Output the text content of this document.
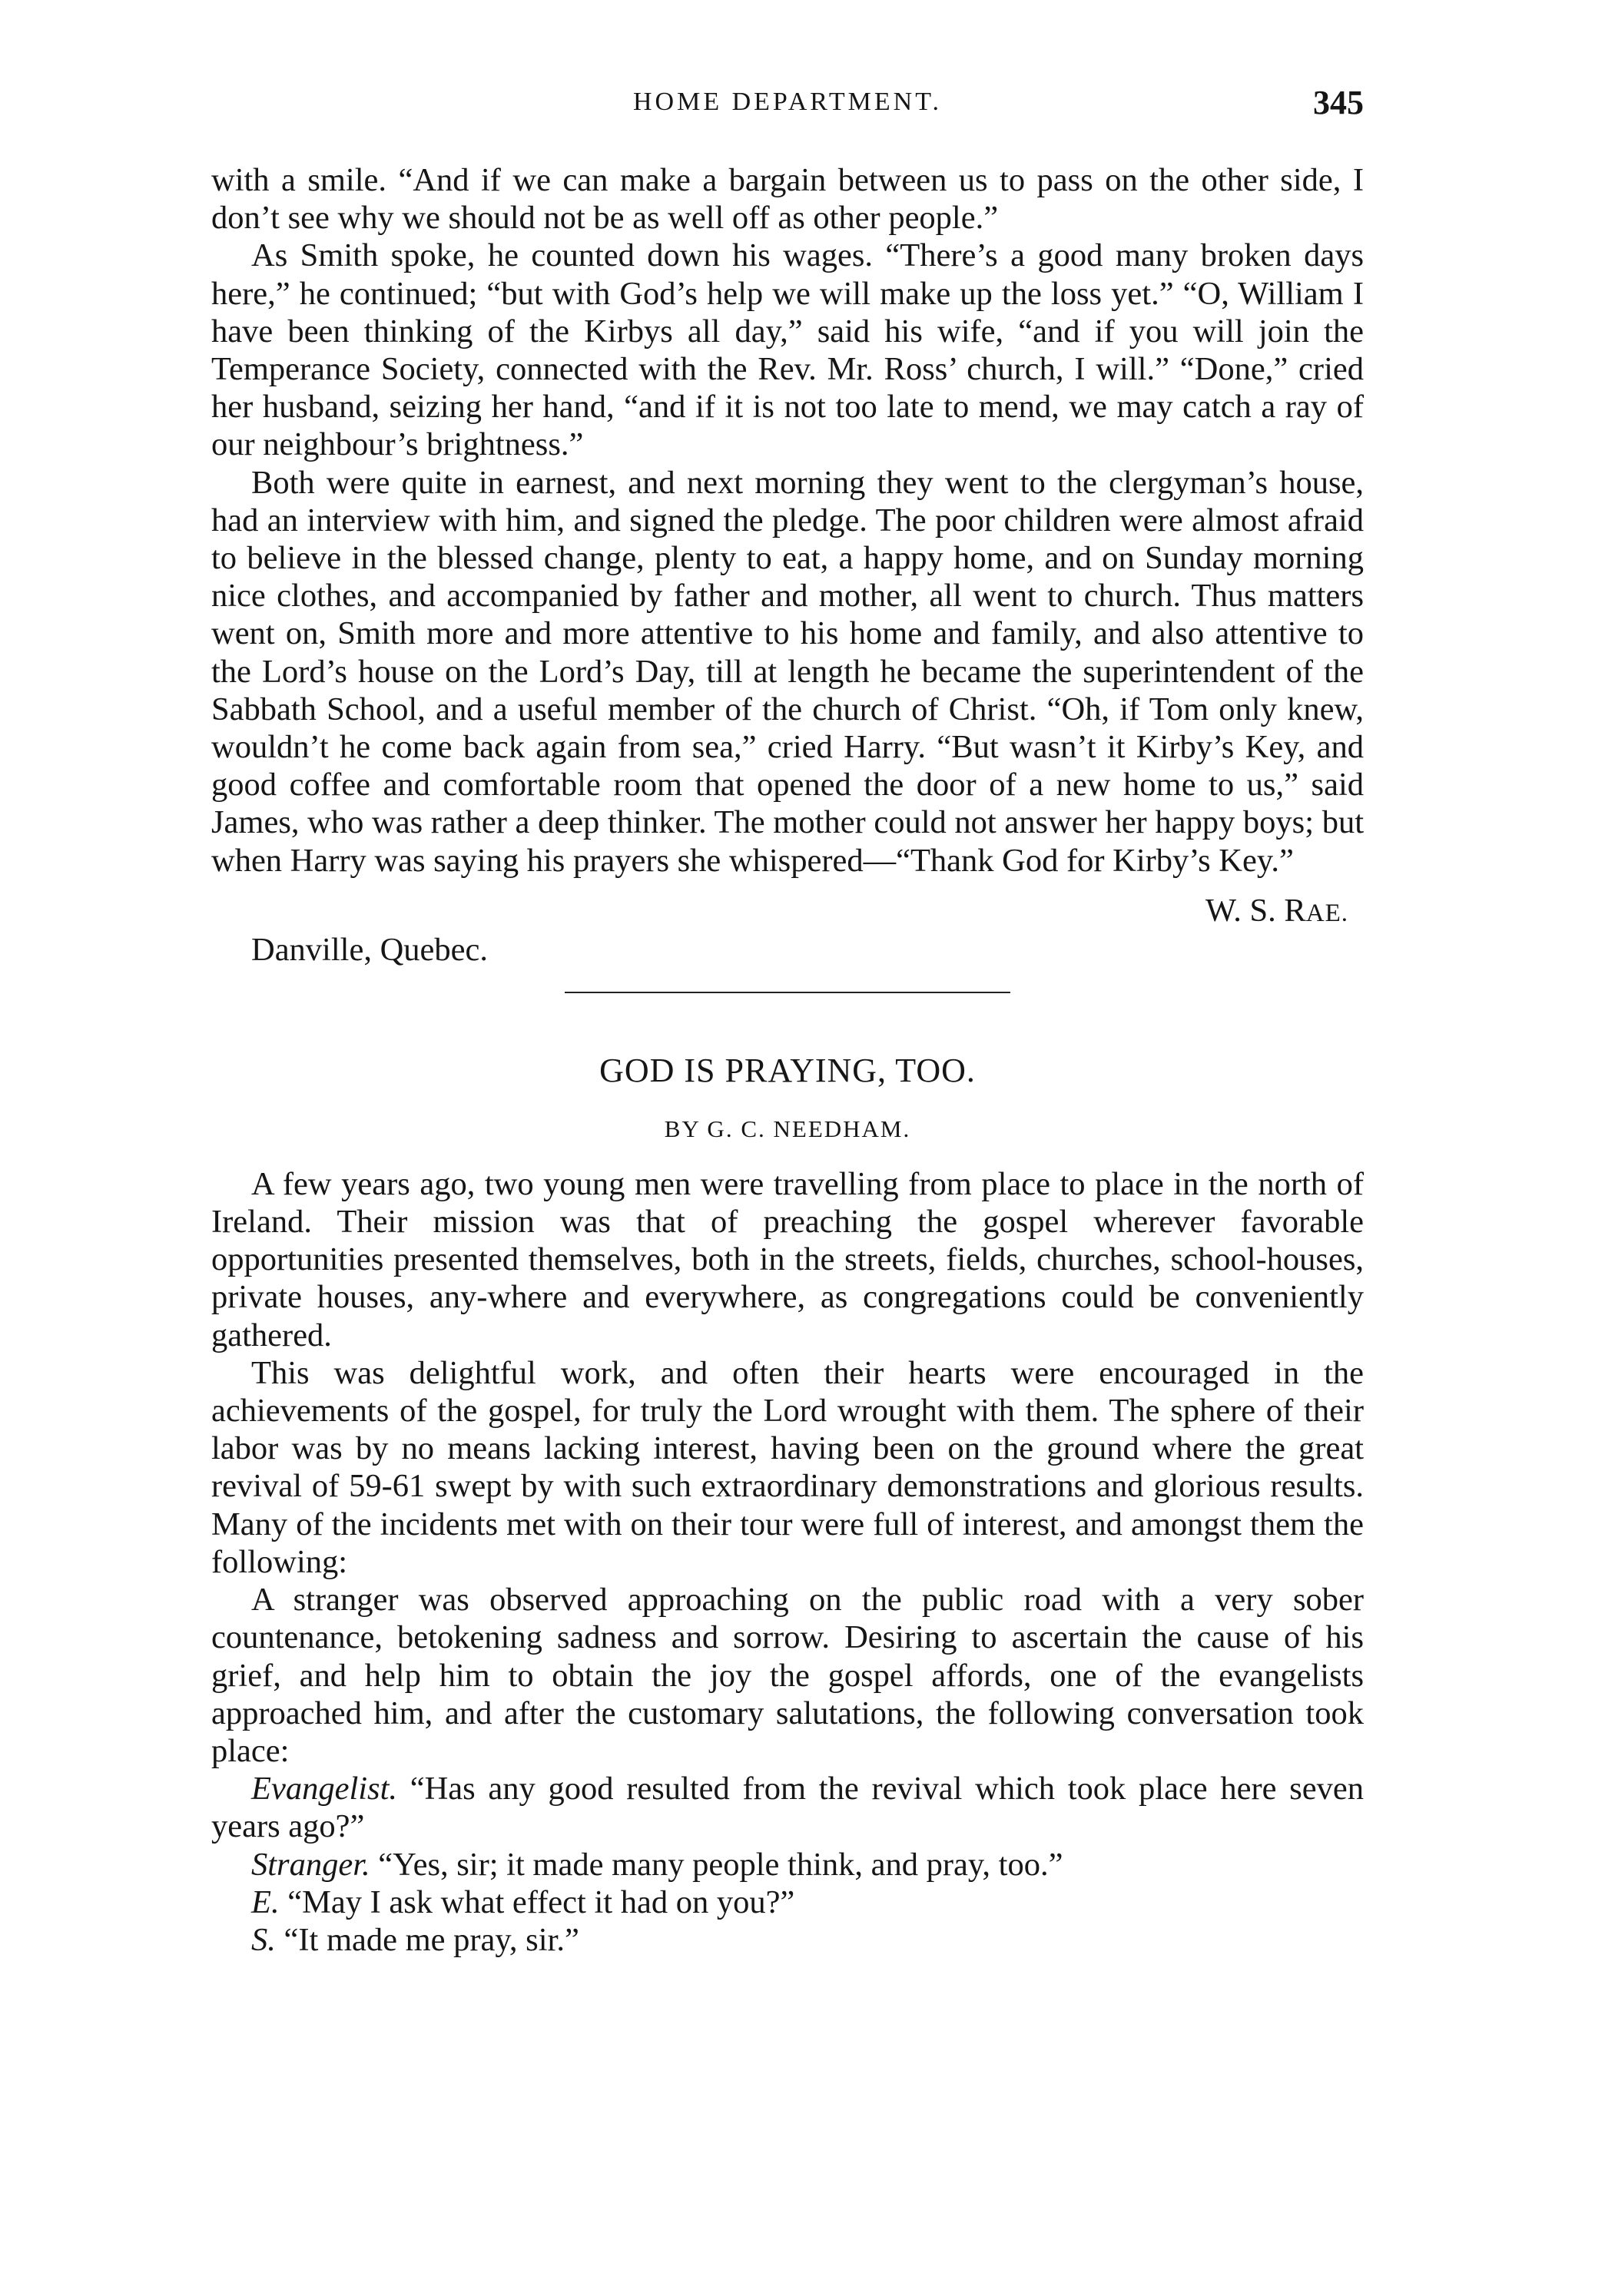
HOME DEPARTMENT.	345

with a smile. “And if we can make a bargain between us to pass on the other side, I don’t see why we should not be as well off as other people.”

As Smith spoke, he counted down his wages. “There’s a good many broken days here,” he continued; “but with God’s help we will make up the loss yet.” “O, William I have been thinking of the Kirbys all day,” said his wife, “and if you will join the Temperance Society, connected with the Rev. Mr. Ross’ church, I will.” “Done,” cried her husband, seizing her hand, “and if it is not too late to mend, we may catch a ray of our neighbour’s brightness.”

Both were quite in earnest, and next morning they went to the clergyman’s house, had an interview with him, and signed the pledge. The poor children were almost afraid to believe in the blessed change, plenty to eat, a happy home, and on Sunday morning nice clothes, and accompanied by father and mother, all went to church. Thus matters went on, Smith more and more attentive to his home and family, and also attentive to the Lord’s house on the Lord’s Day, till at length he became the superintendent of the Sabbath School, and a useful member of the church of Christ. “Oh, if Tom only knew, wouldn’t he come back again from sea,” cried Harry. “But wasn’t it Kirby’s Key, and good coffee and comfortable room that opened the door of a new home to us,” said James, who was rather a deep thinker. The mother could not answer her happy boys; but when Harry was saying his prayers she whispered—“Thank God for Kirby’s Key.”

W. S. RAE.
Danville, Quebec.
GOD IS PRAYING, TOO.
BY G. C. NEEDHAM.

A few years ago, two young men were travelling from place to place in the north of Ireland. Their mission was that of preaching the gospel wherever favorable opportunities presented themselves, both in the streets, fields, churches, school-houses, private houses, any-where and everywhere, as congregations could be conveniently gathered.

This was delightful work, and often their hearts were encouraged in the achievements of the gospel, for truly the Lord wrought with them. The sphere of their labor was by no means lacking interest, having been on the ground where the great revival of 59-61 swept by with such extraordinary demonstrations and glorious results. Many of the incidents met with on their tour were full of interest, and amongst them the following:

A stranger was observed approaching on the public road with a very sober countenance, betokening sadness and sorrow. Desiring to ascertain the cause of his grief, and help him to obtain the joy the gospel affords, one of the evangelists approached him, and after the customary salutations, the following conversation took place:

Evangelist. “Has any good resulted from the revival which took place here seven years ago?”

Stranger. “Yes, sir; it made many people think, and pray, too.”

E. “May I ask what effect it had on you?”

S. “It made me pray, sir.”
